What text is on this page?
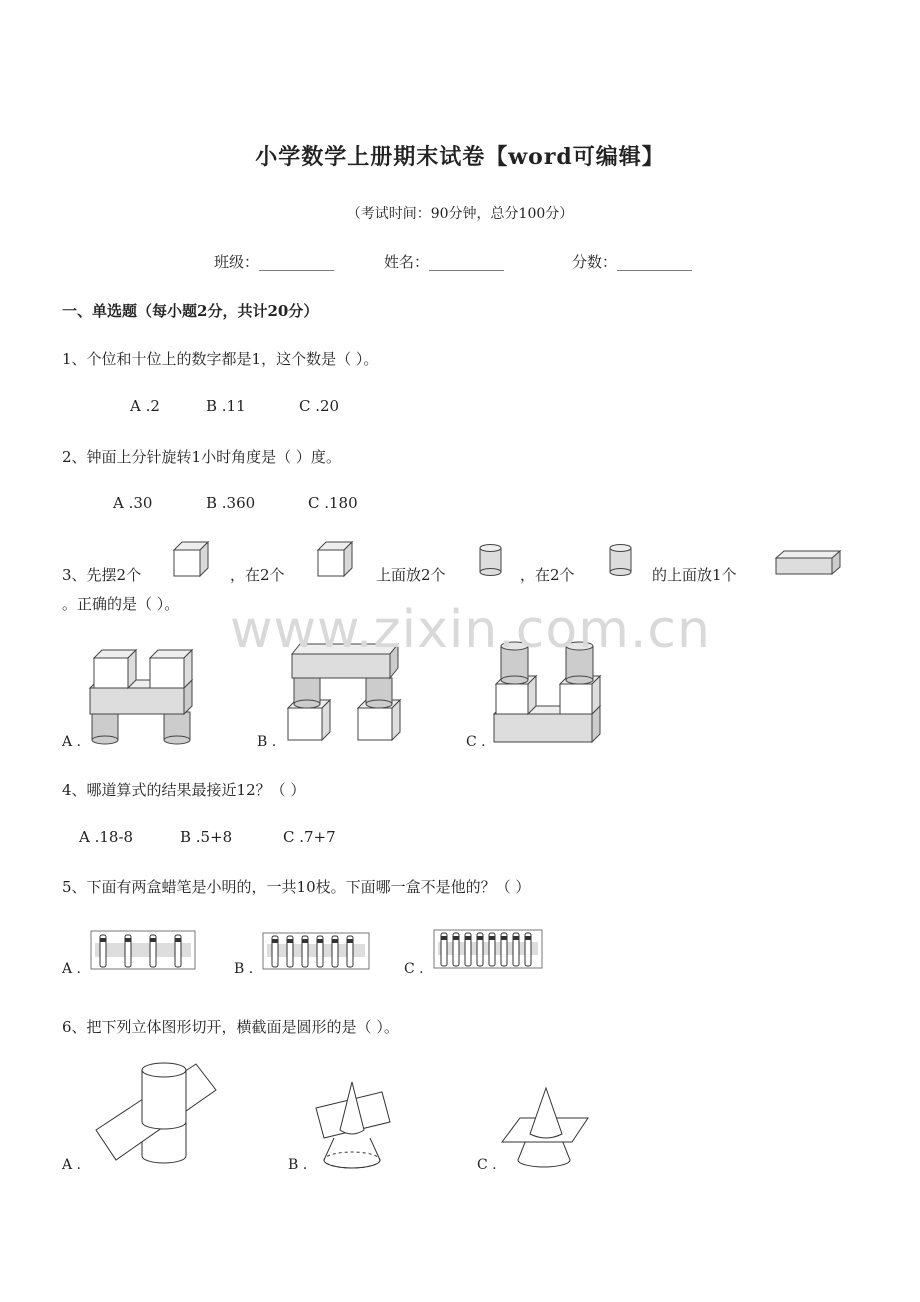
小学数学上册期末试卷【word可编辑】
（考试时间：90分钟，总分100分）
班级：__________	姓名：__________	分数：__________
一、单选题（每小题2分，共计20分）
1、个位和十位上的数字都是1，这个数是（ ）。
A .2	B .11	C .20
2、钟面上分针旋转1小时角度是（ ）度。
A .30	B .360	C .180
3、先摆2个	，在2个	上面放2个	，在2个	的上面放1个
。正确的是（ ）。
A .	B .	C .
www.zixin.com.cn
4、哪道算式的结果最接近12？（ ）
A .18-8	B .5+8	C .7+7
5、下面有两盒蜡笔是小明的，一共10枝。下面哪一盒不是他的？（ ）
A .	B .	C .
6、把下列立体图形切开，横截面是圆形的是（ ）。
A .	B .	C .
